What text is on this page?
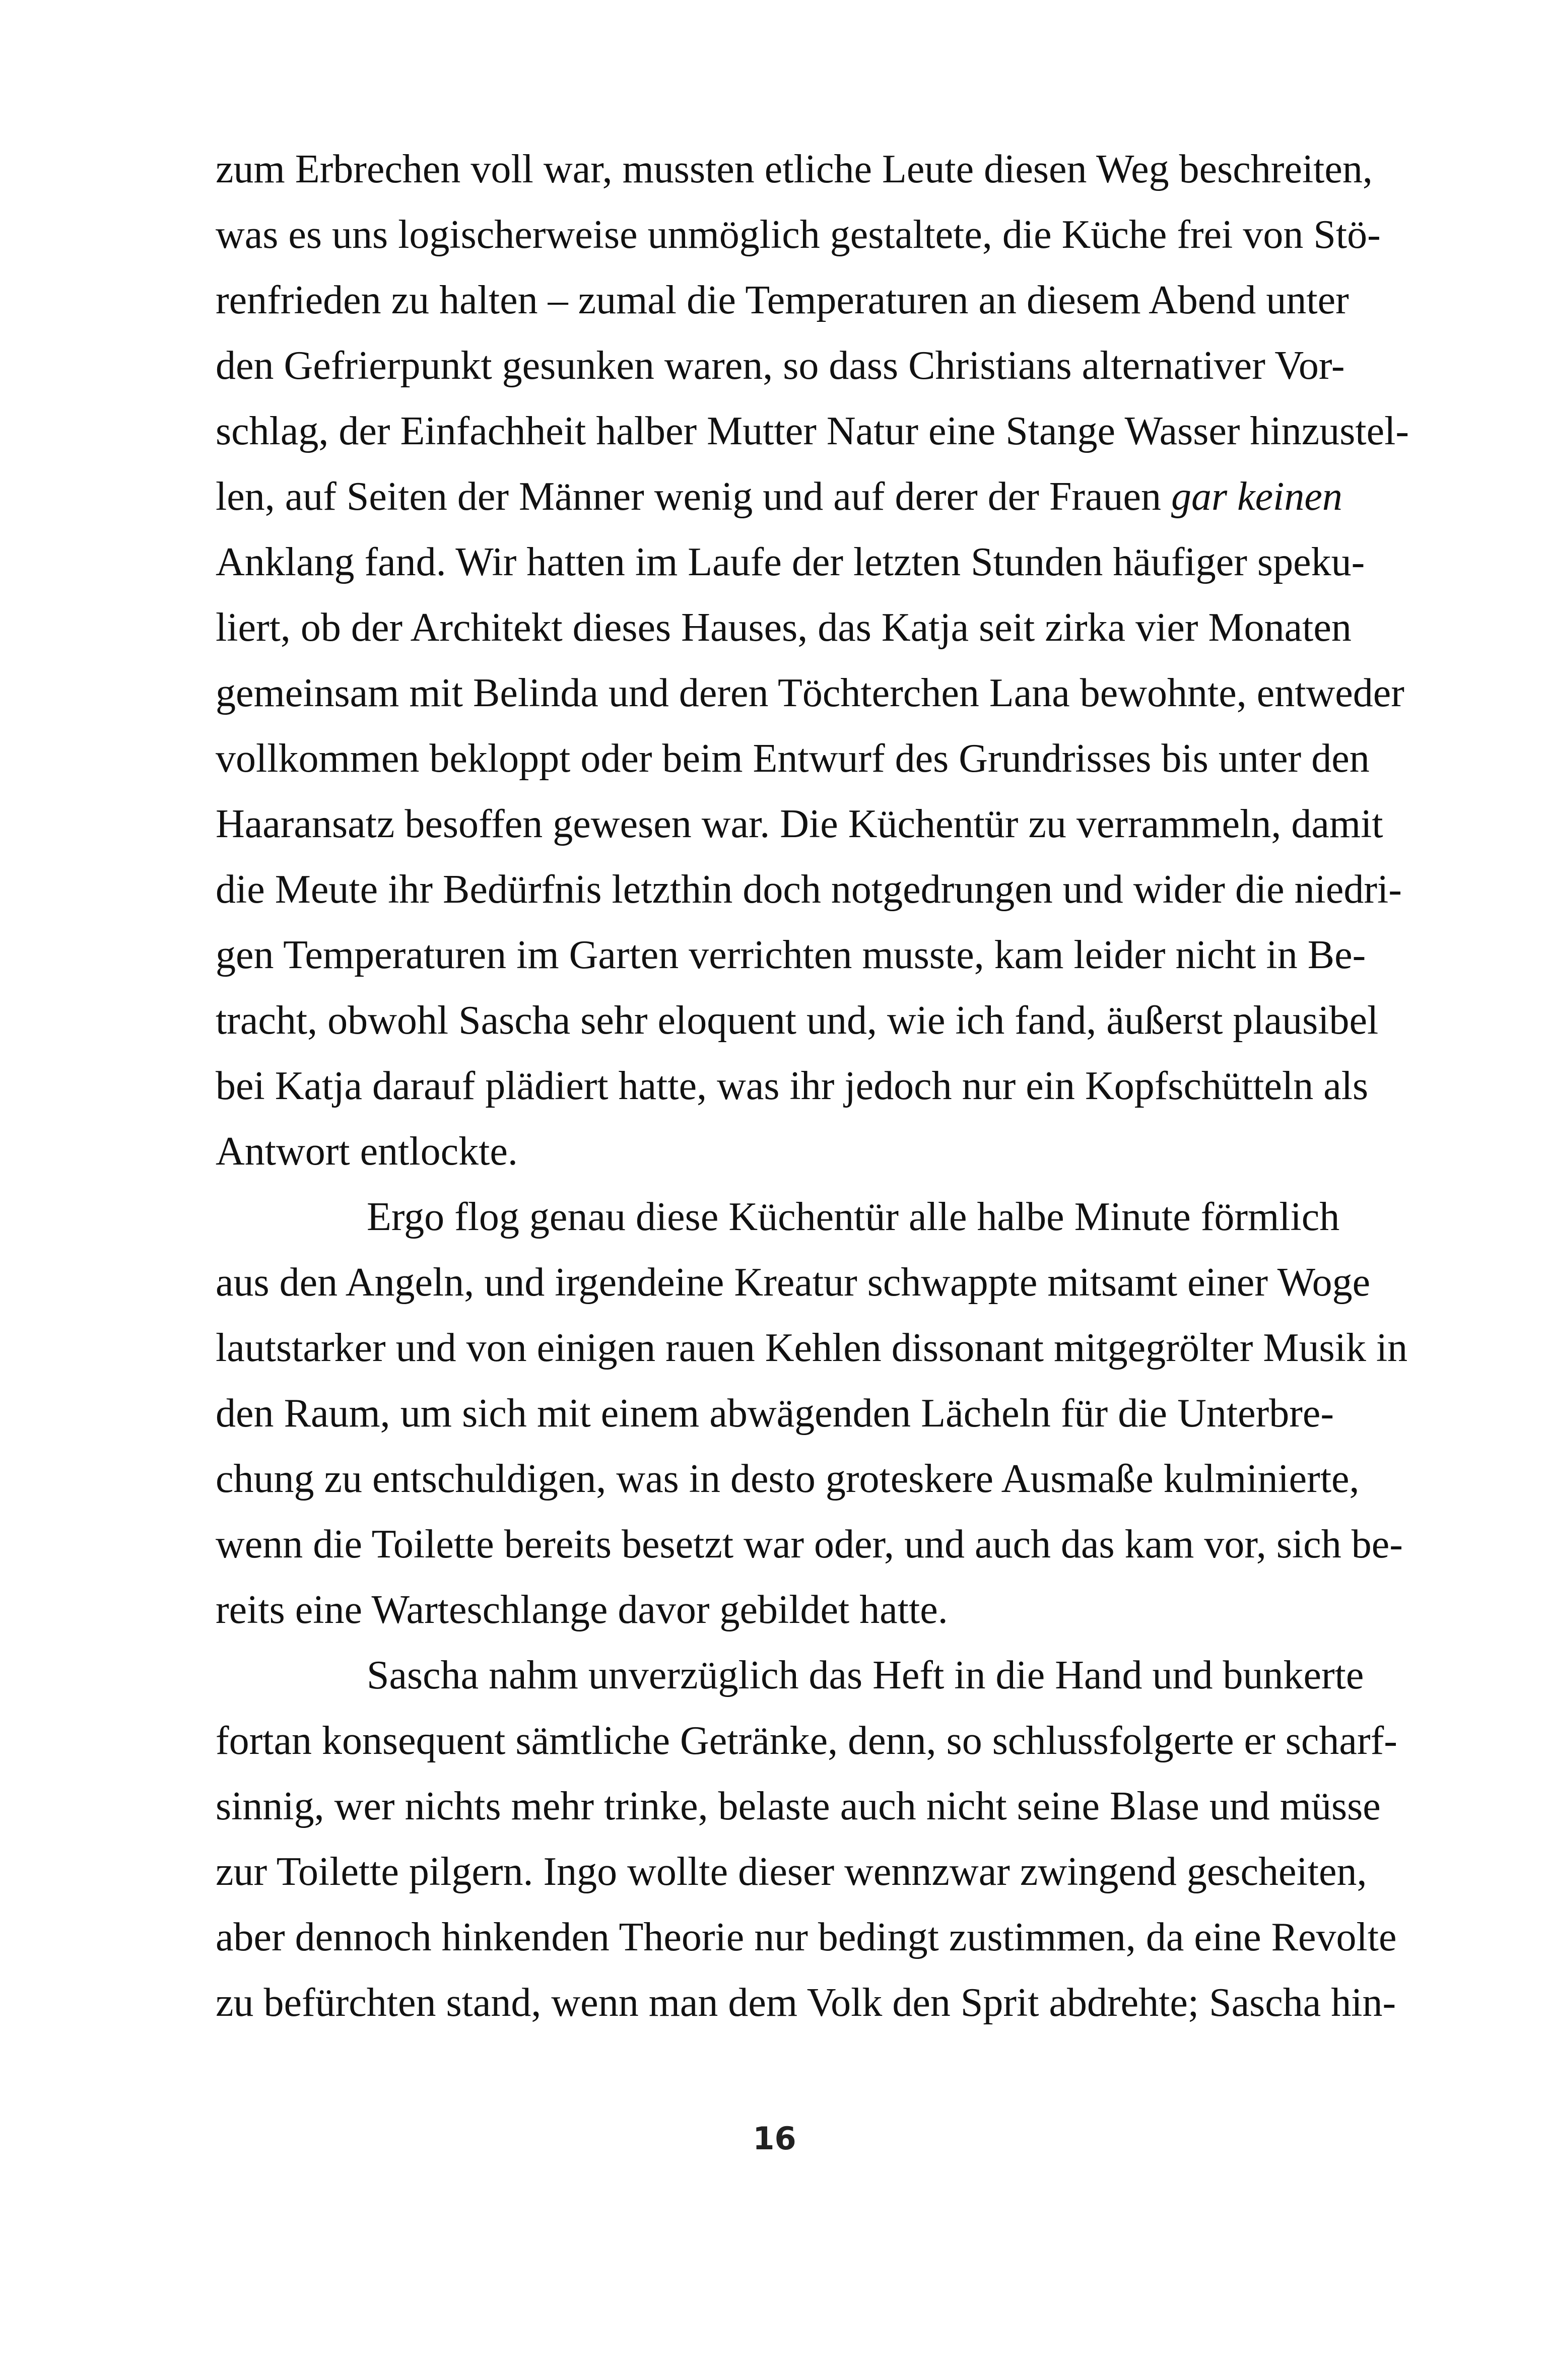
zum Erbrechen voll war, mussten etliche Leute diesen Weg beschreiten,
was es uns logischerweise unmöglich gestaltete, die Küche frei von Stö-
renfrieden zu halten – zumal die Temperaturen an diesem Abend unter
den Gefrierpunkt gesunken waren, so dass Christians alternativer Vor-
schlag, der Einfachheit halber Mutter Natur eine Stange Wasser hinzustel-
len, auf Seiten der Männer wenig und auf derer der Frauen gar keinen
Anklang fand. Wir hatten im Laufe der letzten Stunden häufiger speku-
liert, ob der Architekt dieses Hauses, das Katja seit zirka vier Monaten
gemeinsam mit Belinda und deren Töchterchen Lana bewohnte, entweder
vollkommen bekloppt oder beim Entwurf des Grundrisses bis unter den
Haaransatz besoffen gewesen war. Die Küchentür zu verrammeln, damit
die Meute ihr Bedürfnis letzthin doch notgedrungen und wider die niedri-
gen Temperaturen im Garten verrichten musste, kam leider nicht in Be-
tracht, obwohl Sascha sehr eloquent und, wie ich fand, äußerst plausibel
bei Katja darauf plädiert hatte, was ihr jedoch nur ein Kopfschütteln als
Antwort entlockte.
Ergo flog genau diese Küchentür alle halbe Minute förmlich
aus den Angeln, und irgendeine Kreatur schwappte mitsamt einer Woge
lautstarker und von einigen rauen Kehlen dissonant mitgegrölter Musik in
den Raum, um sich mit einem abwägenden Lächeln für die Unterbre-
chung zu entschuldigen, was in desto groteskere Ausmaße kulminierte,
wenn die Toilette bereits besetzt war oder, und auch das kam vor, sich be-
reits eine Warteschlange davor gebildet hatte.
Sascha nahm unverzüglich das Heft in die Hand und bunkerte
fortan konsequent sämtliche Getränke, denn, so schlussfolgerte er scharf-
sinnig, wer nichts mehr trinke, belaste auch nicht seine Blase und müsse
zur Toilette pilgern. Ingo wollte dieser wennzwar zwingend gescheiten,
aber dennoch hinkenden Theorie nur bedingt zustimmen, da eine Revolte
zu befürchten stand, wenn man dem Volk den Sprit abdrehte; Sascha hin-
16
